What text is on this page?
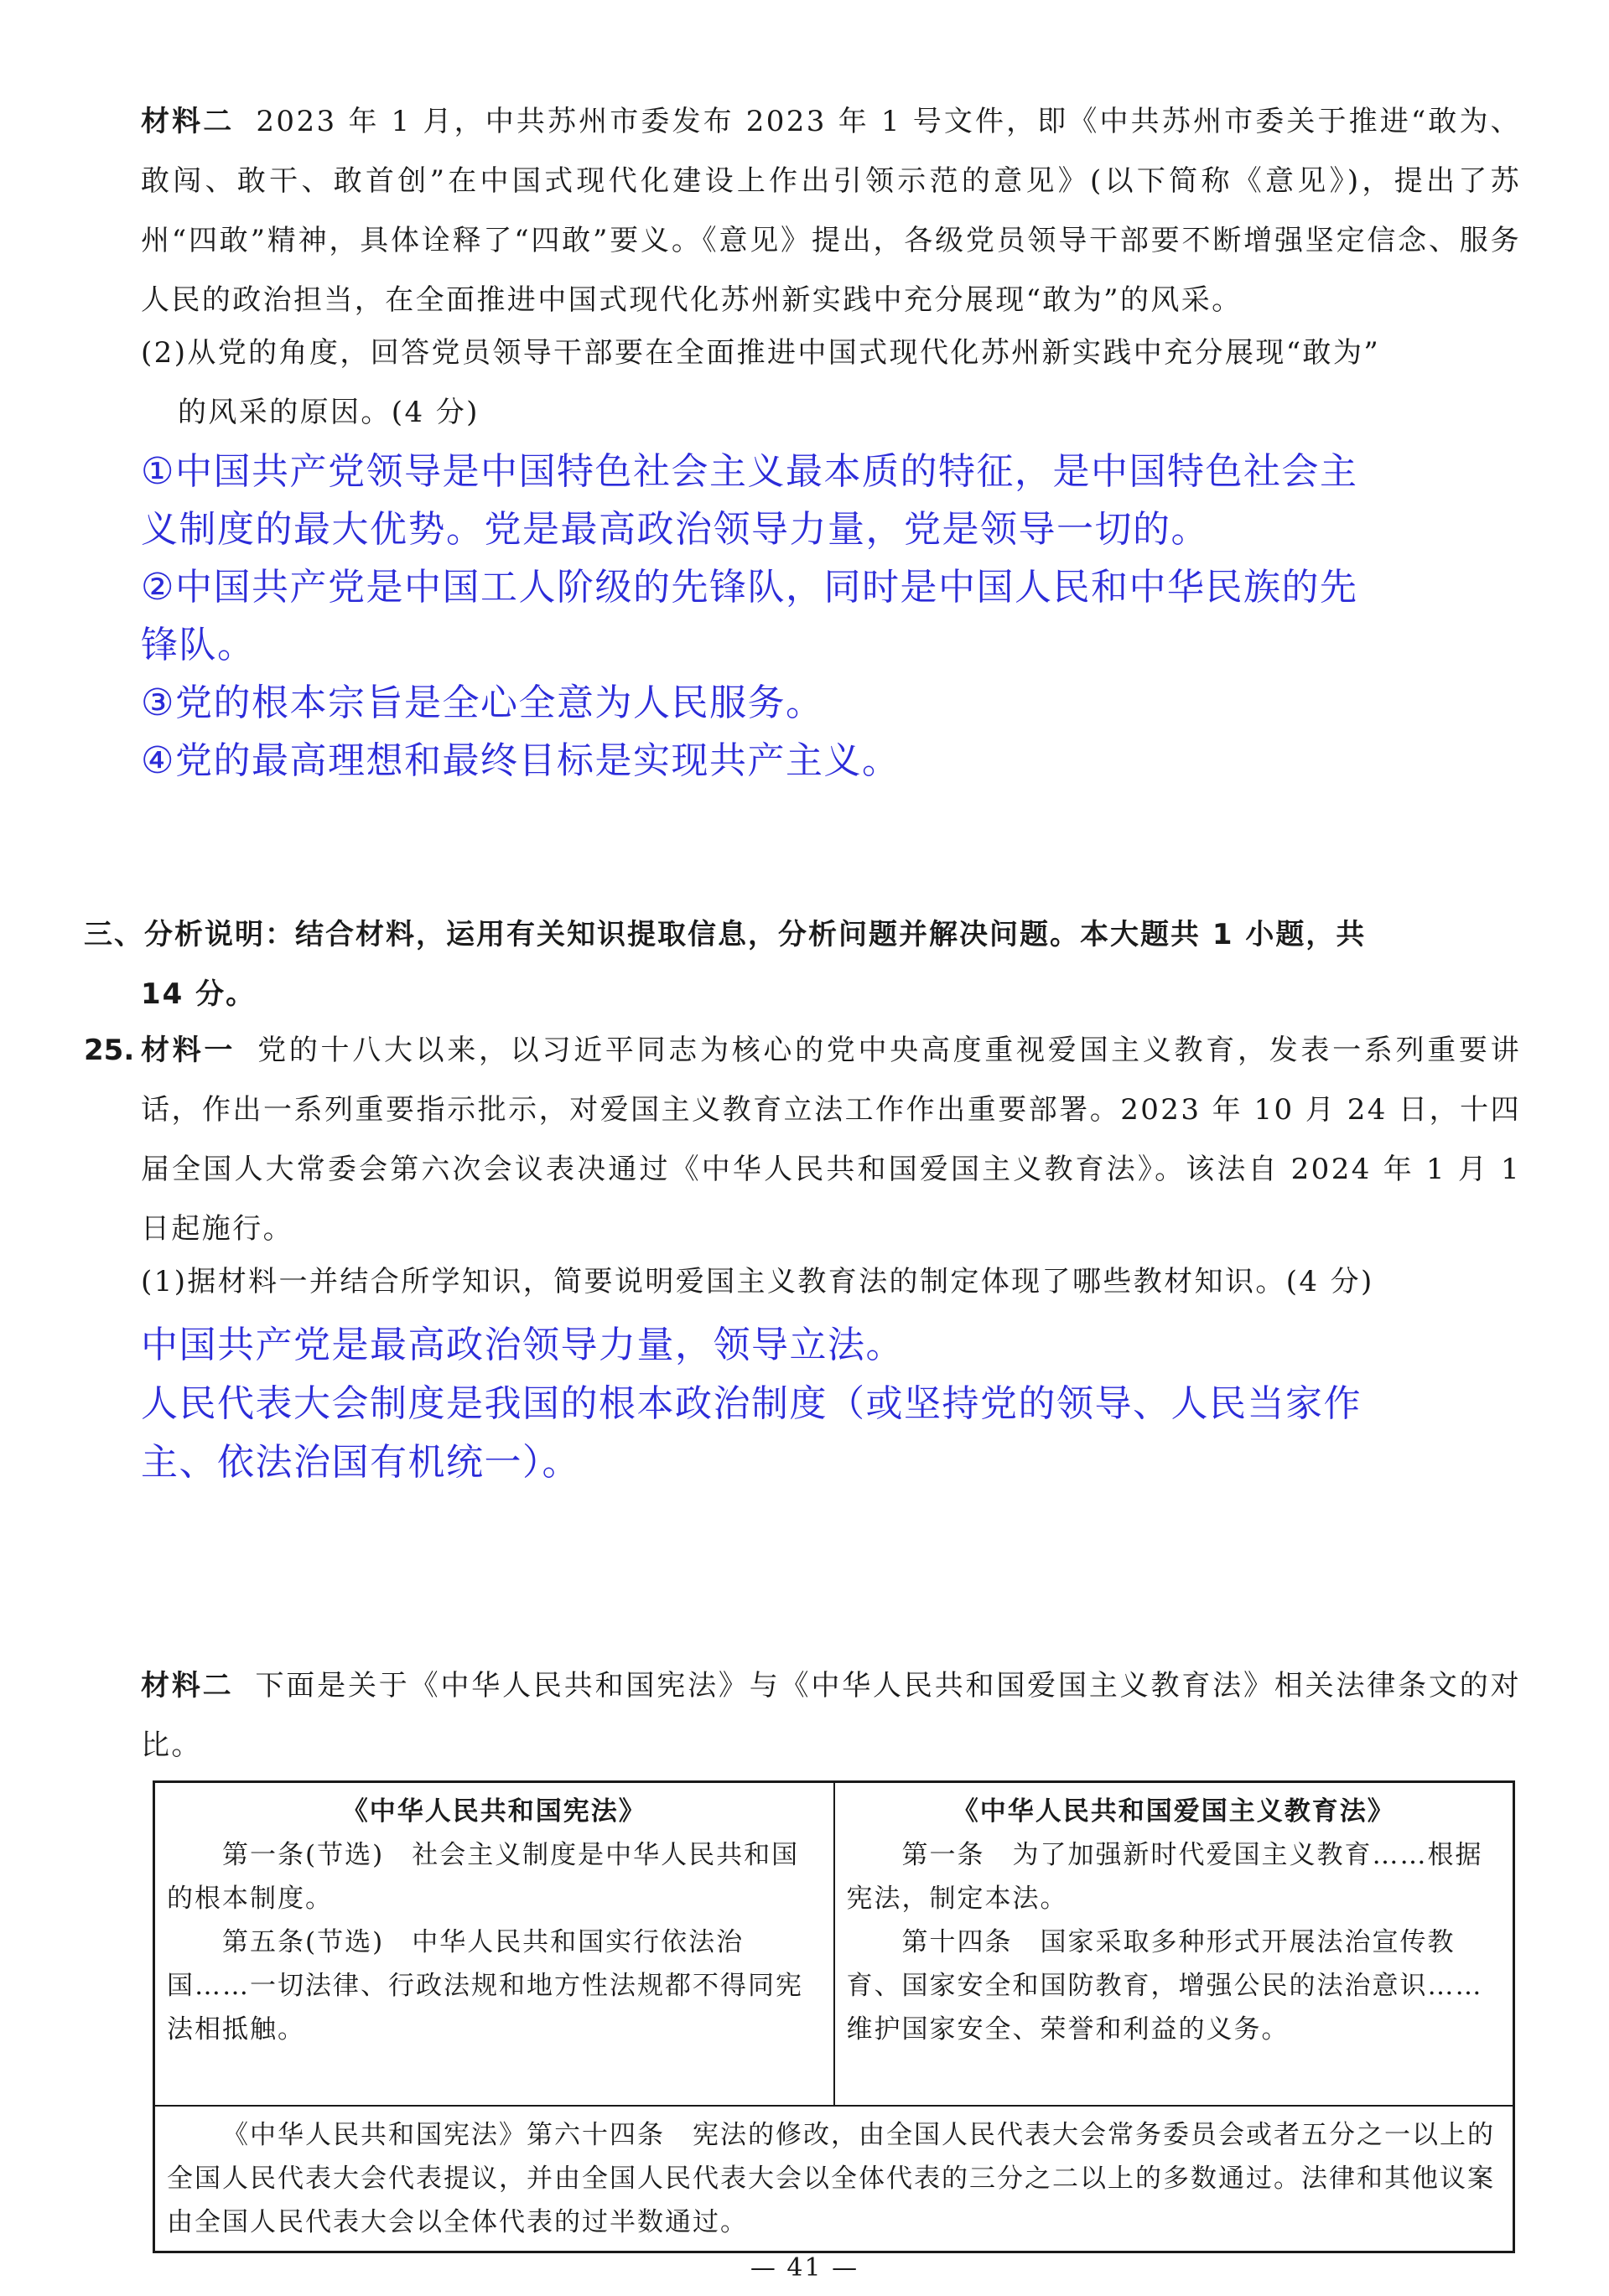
材料二 2023 年 1 月，中共苏州市委发布 2023 年 1 号文件，即《中共苏州市委关于推进“敢为、敢闯、敢干、敢首创”在中国式现代化建设上作出引领示范的意见》(以下简称《意见》)，提出了苏州“四敢”精神，具体诠释了“四敢”要义。《意见》提出，各级党员领导干部要不断增强坚定信念、服务人民的政治担当，在全面推进中国式现代化苏州新实践中充分展现“敢为”的风采。
(2)从党的角度，回答党员领导干部要在全面推进中国式现代化苏州新实践中充分展现“敢为”
的风采的原因。(4 分)
①中国共产党领导是中国特色社会主义最本质的特征，是中国特色社会主
义制度的最大优势。党是最高政治领导力量，党是领导一切的。
②中国共产党是中国工人阶级的先锋队，同时是中国人民和中华民族的先
锋队。
③党的根本宗旨是全心全意为人民服务。
④党的最高理想和最终目标是实现共产主义。
三、分析说明：结合材料，运用有关知识提取信息，分析问题并解决问题。本大题共 1 小题，共
14 分。
25. 材料一 党的十八大以来，以习近平同志为核心的党中央高度重视爱国主义教育，发表一系列重要讲话，作出一系列重要指示批示，对爱国主义教育立法工作作出重要部署。2023 年 10 月 24 日，十四届全国人大常委会第六次会议表决通过《中华人民共和国爱国主义教育法》。该法自 2024 年 1 月 1 日起施行。
(1)据材料一并结合所学知识，简要说明爱国主义教育法的制定体现了哪些教材知识。(4 分)
中国共产党是最高政治领导力量，领导立法。
人民代表大会制度是我国的根本政治制度（或坚持党的领导、人民当家作
主、依法治国有机统一）。
材料二 下面是关于《中华人民共和国宪法》与《中华人民共和国爱国主义教育法》相关法律条文的对比。
《中华人民共和国宪法》
第一条(节选)　社会主义制度是中华人民共和国的根本制度。
第五条(节选)　中华人民共和国实行依法治国……一切法律、行政法规和地方性法规都不得同宪法相抵触。

《中华人民共和国爱国主义教育法》
第一条　为了加强新时代爱国主义教育……根据宪法，制定本法。
第十四条　国家采取多种形式开展法治宣传教育、国家安全和国防教育，增强公民的法治意识……维护国家安全、荣誉和利益的义务。

《中华人民共和国宪法》第六十四条　宪法的修改，由全国人民代表大会常务委员会或者五分之一以上的全国人民代表大会代表提议，并由全国人民代表大会以全体代表的三分之二以上的多数通过。法律和其他议案由全国人民代表大会以全体代表的过半数通过。
— 41 —
